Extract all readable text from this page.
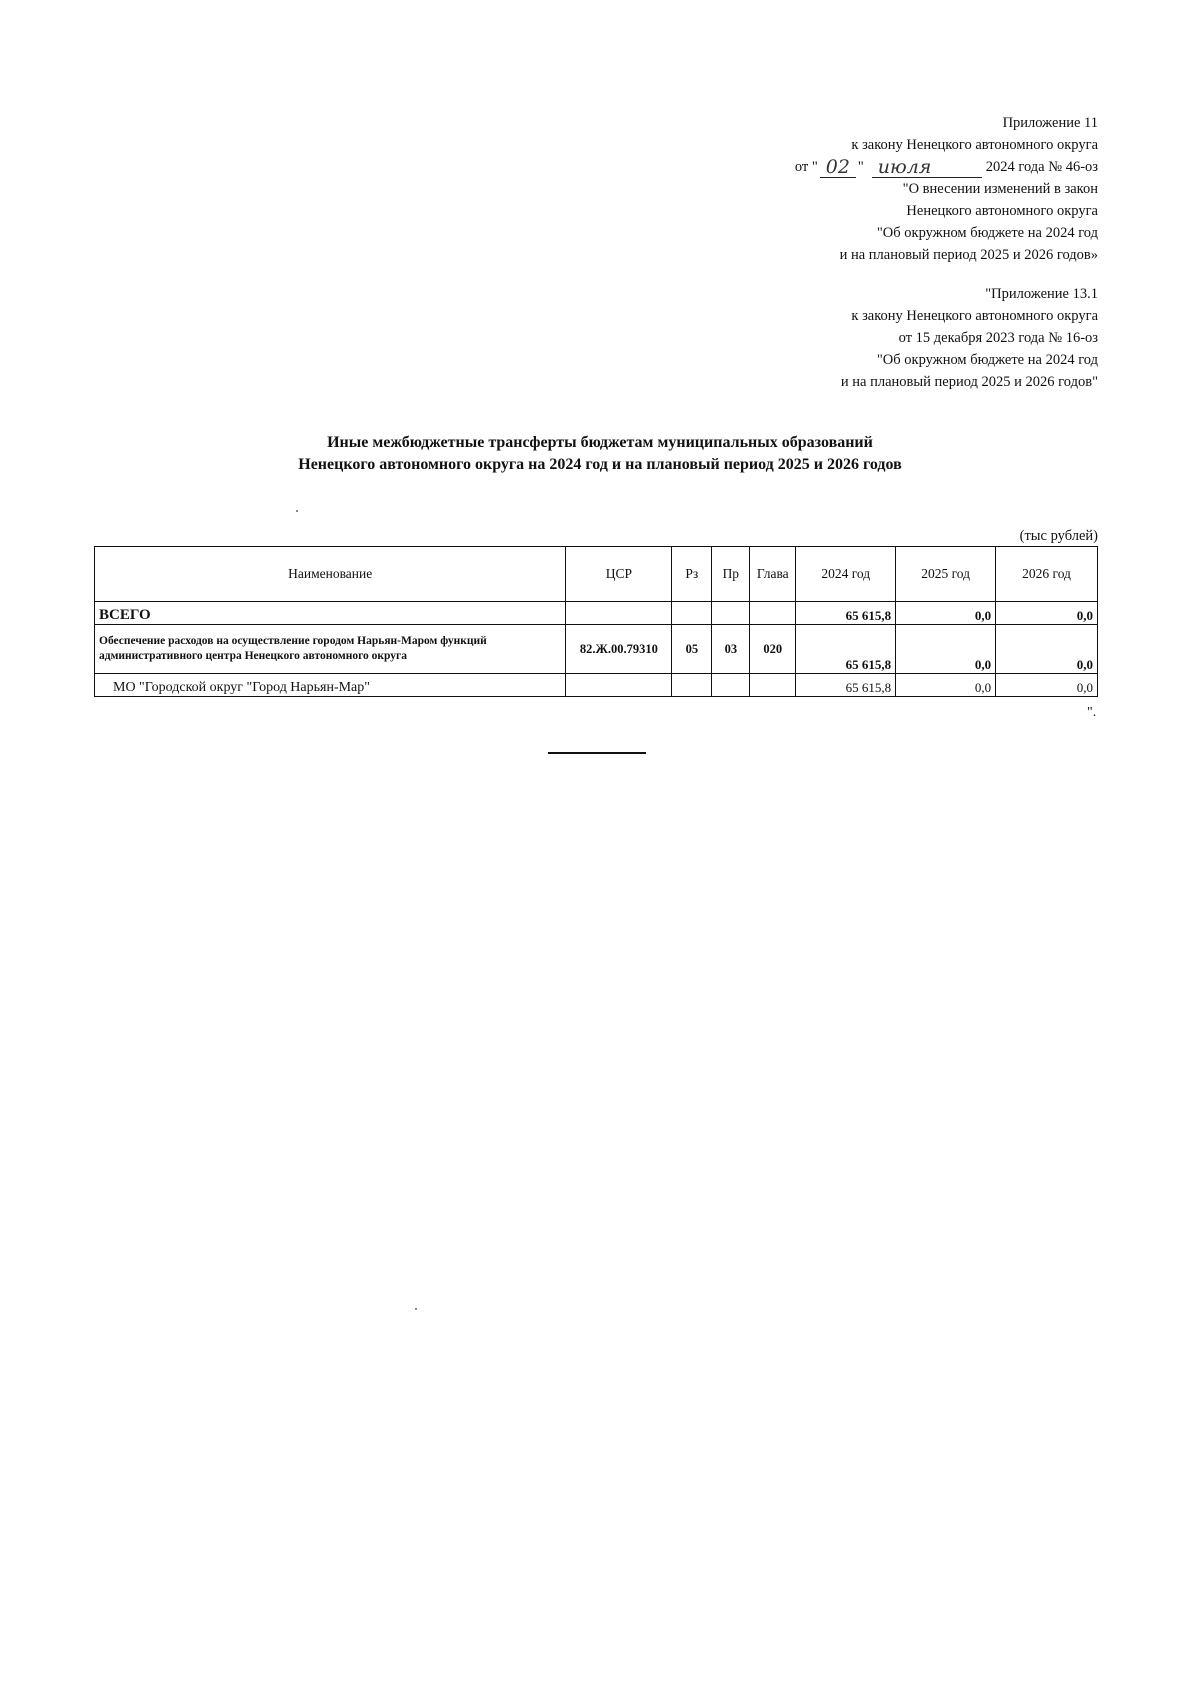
Приложение 11
к закону Ненецкого автономного округа
от " 02 " июля	2024 года № 46-оз
"О внесении изменений в закон
Ненецкого автономного округа
"Об окружном бюджете на 2024 год
и на плановый период 2025 и 2026 годов»
"Приложение 13.1
к закону Ненецкого автономного округа
от 15 декабря 2023 года № 16-оз
"Об окружном бюджете на 2024 год
и на плановый период 2025 и 2026 годов"
Иные межбюджетные трансферты бюджетам муниципальных образований
Ненецкого автономного округа на 2024 год и на плановый период 2025 и 2026 годов
(тыс рублей)
Наименование	ЦСР	Рз	Пр	Глава	2024 год	2025 год	2026 год
ВСЕГО					65 615,8	0,0	0,0
Обеспечение расходов на осуществление городом Нарьян-Маром функций административного центра Ненецкого автономного округа	82.Ж.00.79310	05	03	020	65 615,8	0,0	0,0
МО "Городской округ "Город Нарьян-Мар"					65 615,8	0,0	0,0
".
